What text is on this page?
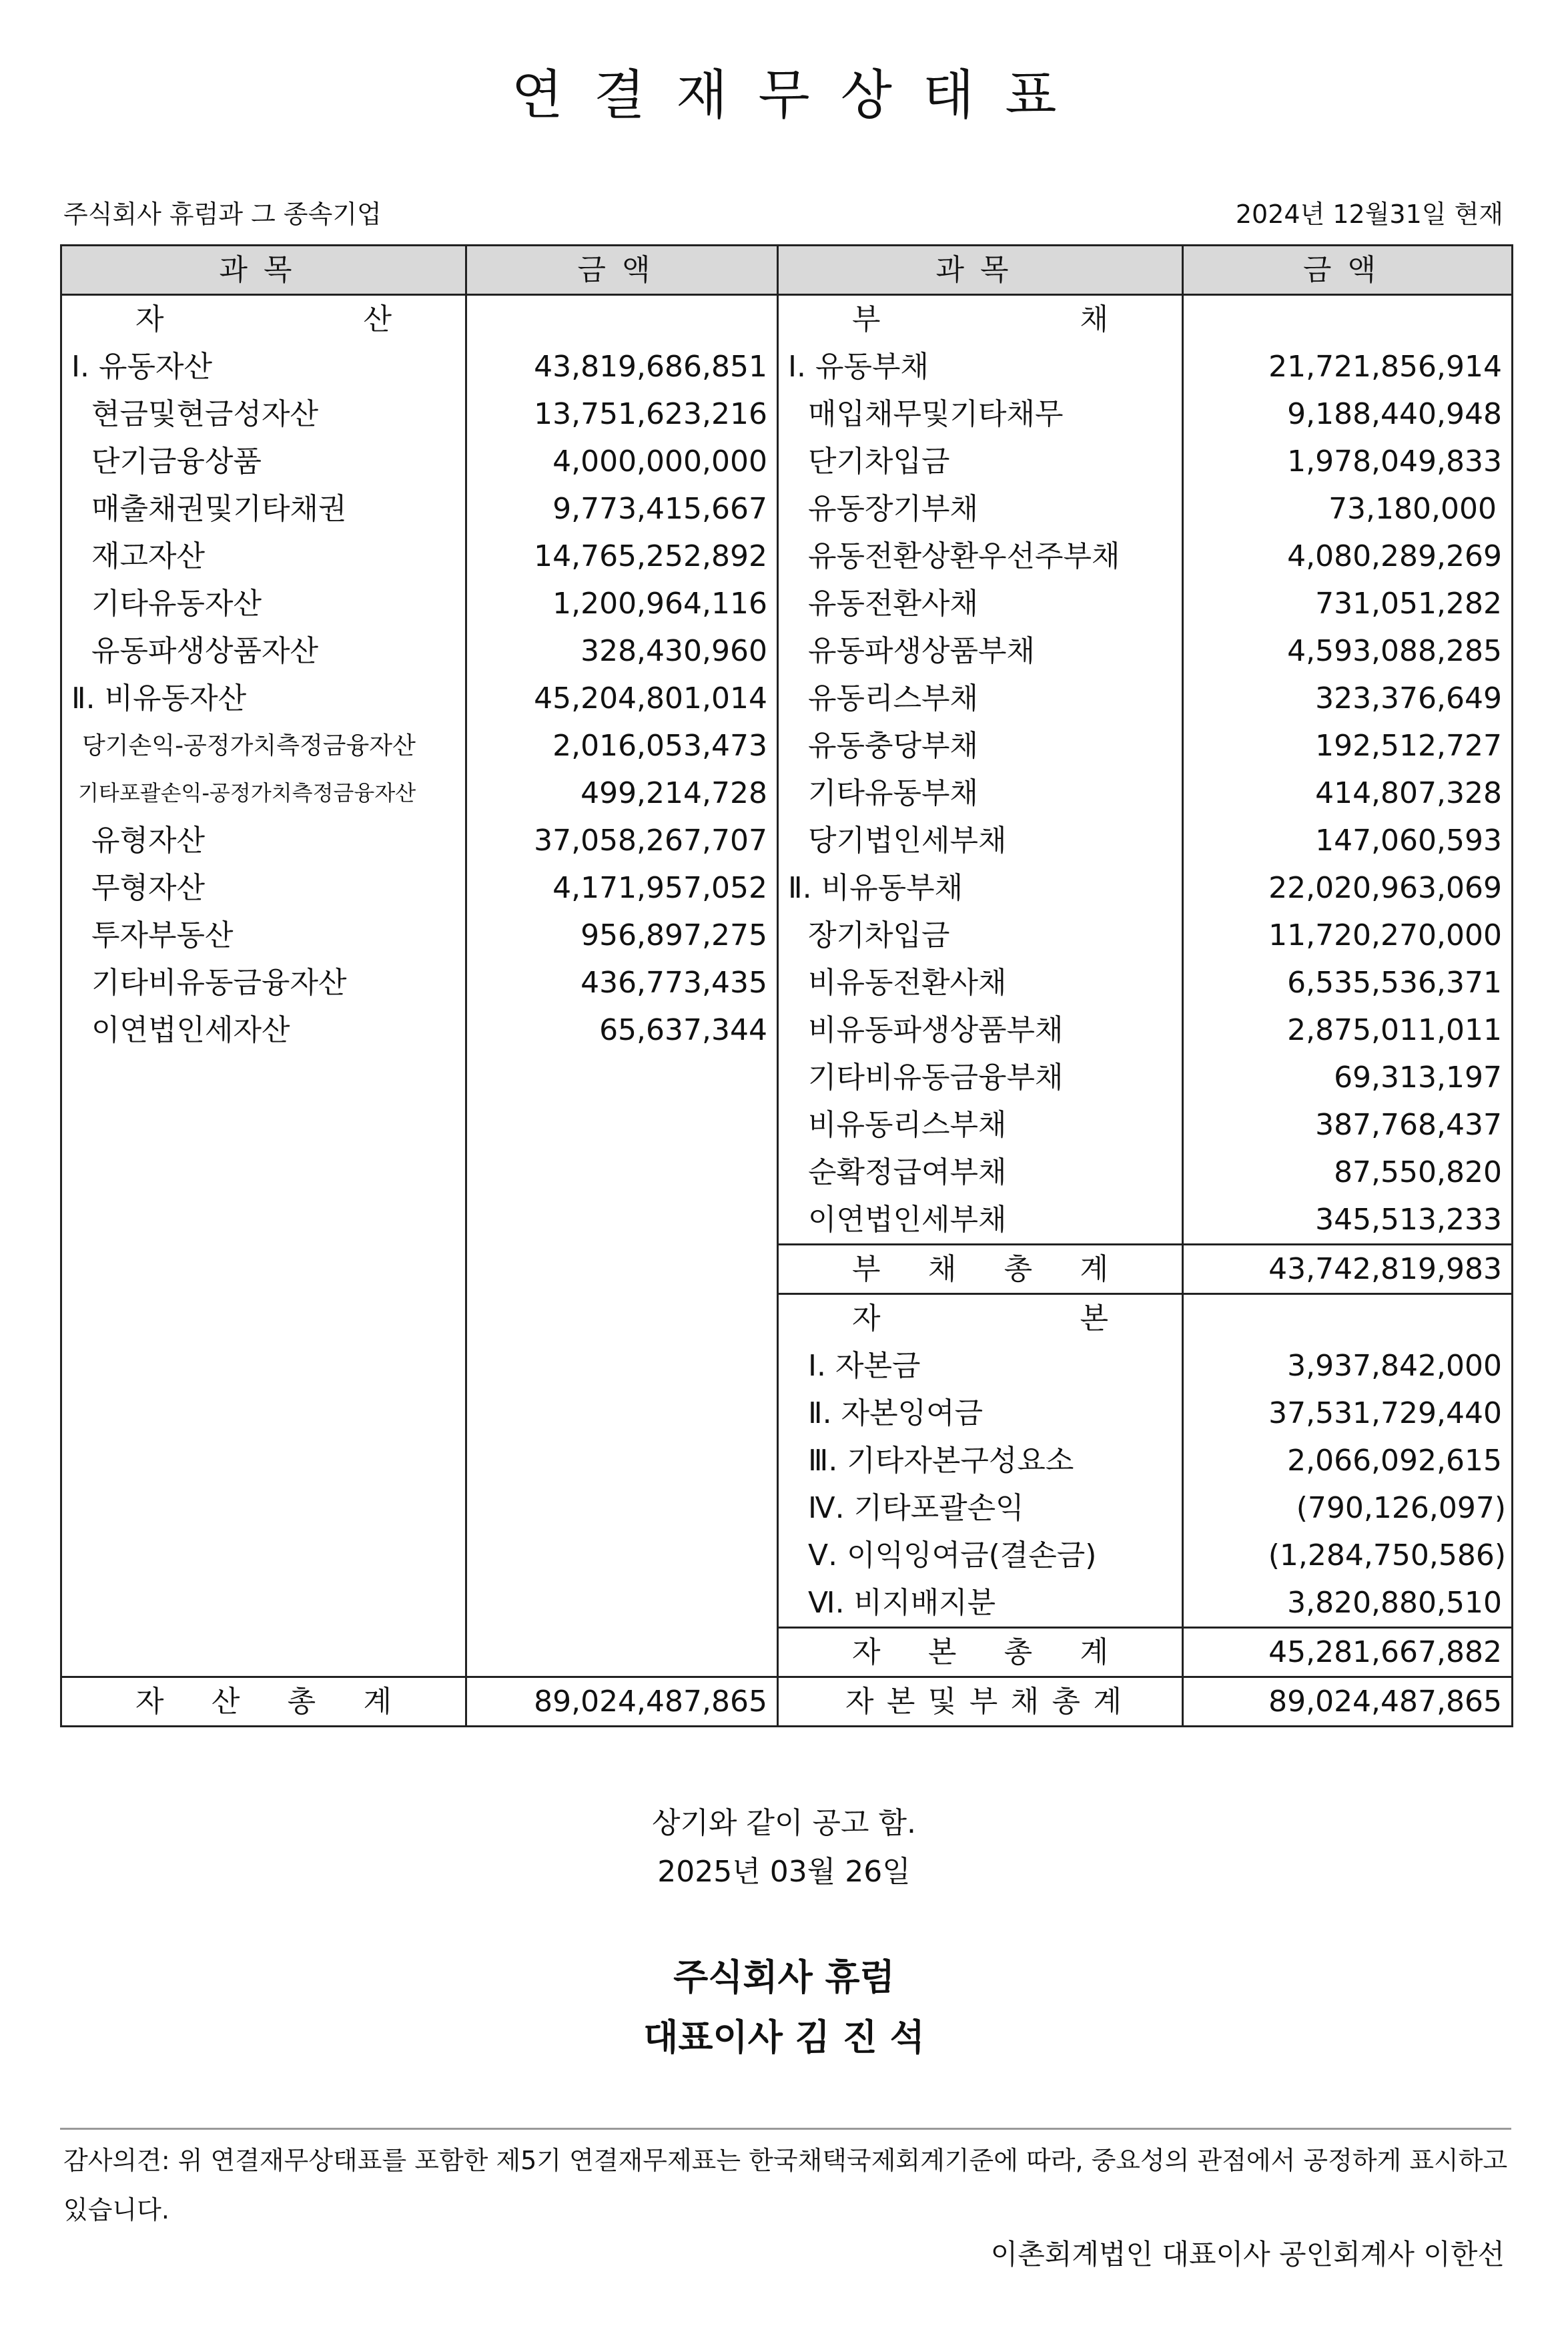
연결재무상태표
주식회사 휴럼과 그 종속기업	2024년 12월31일 현재
과목	금액	과목	금액
자 산		부 채	
Ⅰ. 유동자산	43,819,686,851	Ⅰ. 유동부채	21,721,856,914
현금및현금성자산	13,751,623,216	매입채무및기타채무	9,188,440,948
단기금융상품	4,000,000,000	단기차입금	1,978,049,833
매출채권및기타채권	9,773,415,667	유동장기부채	73,180,000
재고자산	14,765,252,892	유동전환상환우선주부채	4,080,289,269
기타유동자산	1,200,964,116	유동전환사채	731,051,282
유동파생상품자산	328,430,960	유동파생상품부채	4,593,088,285
Ⅱ. 비유동자산	45,204,801,014	유동리스부채	323,376,649
당기손익-공정가치측정금융자산	2,016,053,473	유동충당부채	192,512,727
기타포괄손익-공정가치측정금융자산	499,214,728	기타유동부채	414,807,328
유형자산	37,058,267,707	당기법인세부채	147,060,593
무형자산	4,171,957,052	Ⅱ. 비유동부채	22,020,963,069
투자부동산	956,897,275	장기차입금	11,720,270,000
기타비유동금융자산	436,773,435	비유동전환사채	6,535,536,371
이연법인세자산	65,637,344	비유동파생상품부채	2,875,011,011
		기타비유동금융부채	69,313,197
		비유동리스부채	387,768,437
		순확정급여부채	87,550,820
		이연법인세부채	345,513,233
		부 채 총 계	43,742,819,983
		자 본	
		Ⅰ. 자본금	3,937,842,000
		Ⅱ. 자본잉여금	37,531,729,440
		Ⅲ. 기타자본구성요소	2,066,092,615
		Ⅳ. 기타포괄손익	(790,126,097)
		Ⅴ. 이익잉여금(결손금)	(1,284,750,586)
		Ⅵ. 비지배지분	3,820,880,510
		자 본 총 계	45,281,667,882
자 산 총 계	89,024,487,865	자 본 및 부 채 총 계	89,024,487,865
상기와 같이 공고 함.
2025년 03월 26일
주식회사 휴럼
대표이사 김 진 석
감사의견: 위 연결재무상태표를 포함한 제5기 연결재무제표는 한국채택국제회계기준에 따라, 중요성의 관점에서 공정하게 표시하고 있습니다.
이촌회계법인 대표이사 공인회계사 이한선
